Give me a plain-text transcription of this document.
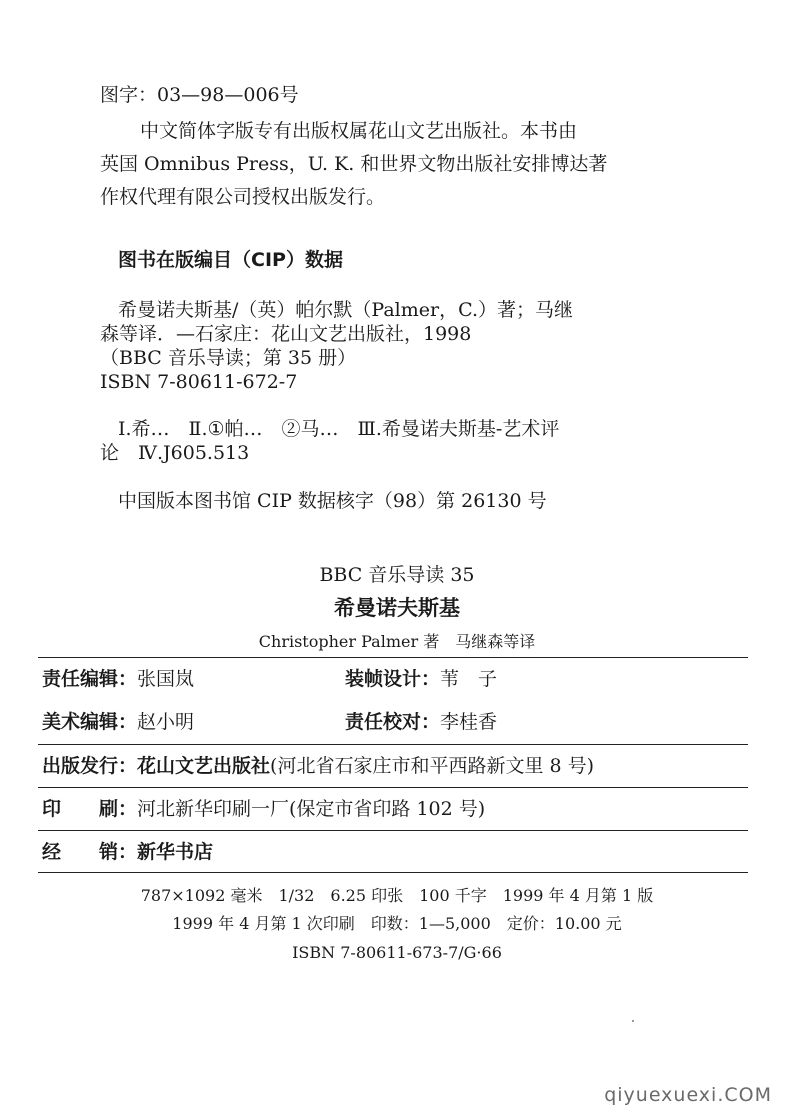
图字：03—98—006号
中文简体字版专有出版权属花山文艺出版社。本书由
英国 Omnibus Press，U. K. 和世界文物出版社安排博达著
作权代理有限公司授权出版发行。
图书在版编目（CIP）数据
希曼诺夫斯基/（英）帕尔默（Palmer，C.）著；马继
森等译．—石家庄：花山文艺出版社，1998
（BBC 音乐导读；第 35 册）
ISBN 7-80611-672-7
Ⅰ.希…　Ⅱ.①帕…　②马…　Ⅲ.希曼诺夫斯基-艺术评
论　Ⅳ.J605.513
中国版本图书馆 CIP 数据核字（98）第 26130 号
BBC 音乐导读 35
希曼诺夫斯基
Christopher Palmer 著　马继森等译
责任编辑：张国岚	装帧设计：苇　子
美术编辑：赵小明	责任校对：李桂香
出版发行：花山文艺出版社(河北省石家庄市和平西路新文里 8 号)
印　　刷：河北新华印刷一厂(保定市省印路 102 号)
经　　销：新华书店
787×1092 毫米　1/32　6.25 印张　100 千字　1999 年 4 月第 1 版
1999 年 4 月第 1 次印刷　印数：1—5,000　定价：10.00 元
ISBN 7-80611-673-7/G·66
qiyuexuexi.COM
